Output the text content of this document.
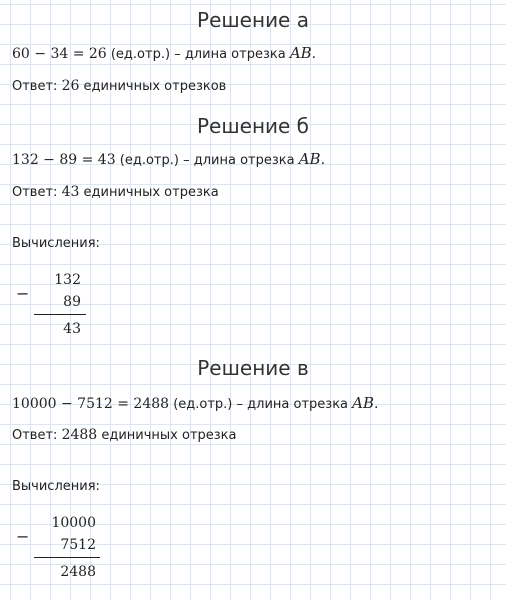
Решение а
60 − 34 = 26 (ед.отр.) – длина отрезка AB.
Ответ: 26 единичных отрезков
Решение б
132 − 89 = 43 (ед.отр.) – длина отрезка AB.
Ответ: 43 единичных отрезка
Вычисления:
−
132
89
43
Решение в
10000 − 7512 = 2488 (ед.отр.) – длина отрезка AB.
Ответ: 2488 единичных отрезка
Вычисления:
−
10000
7512
2488
